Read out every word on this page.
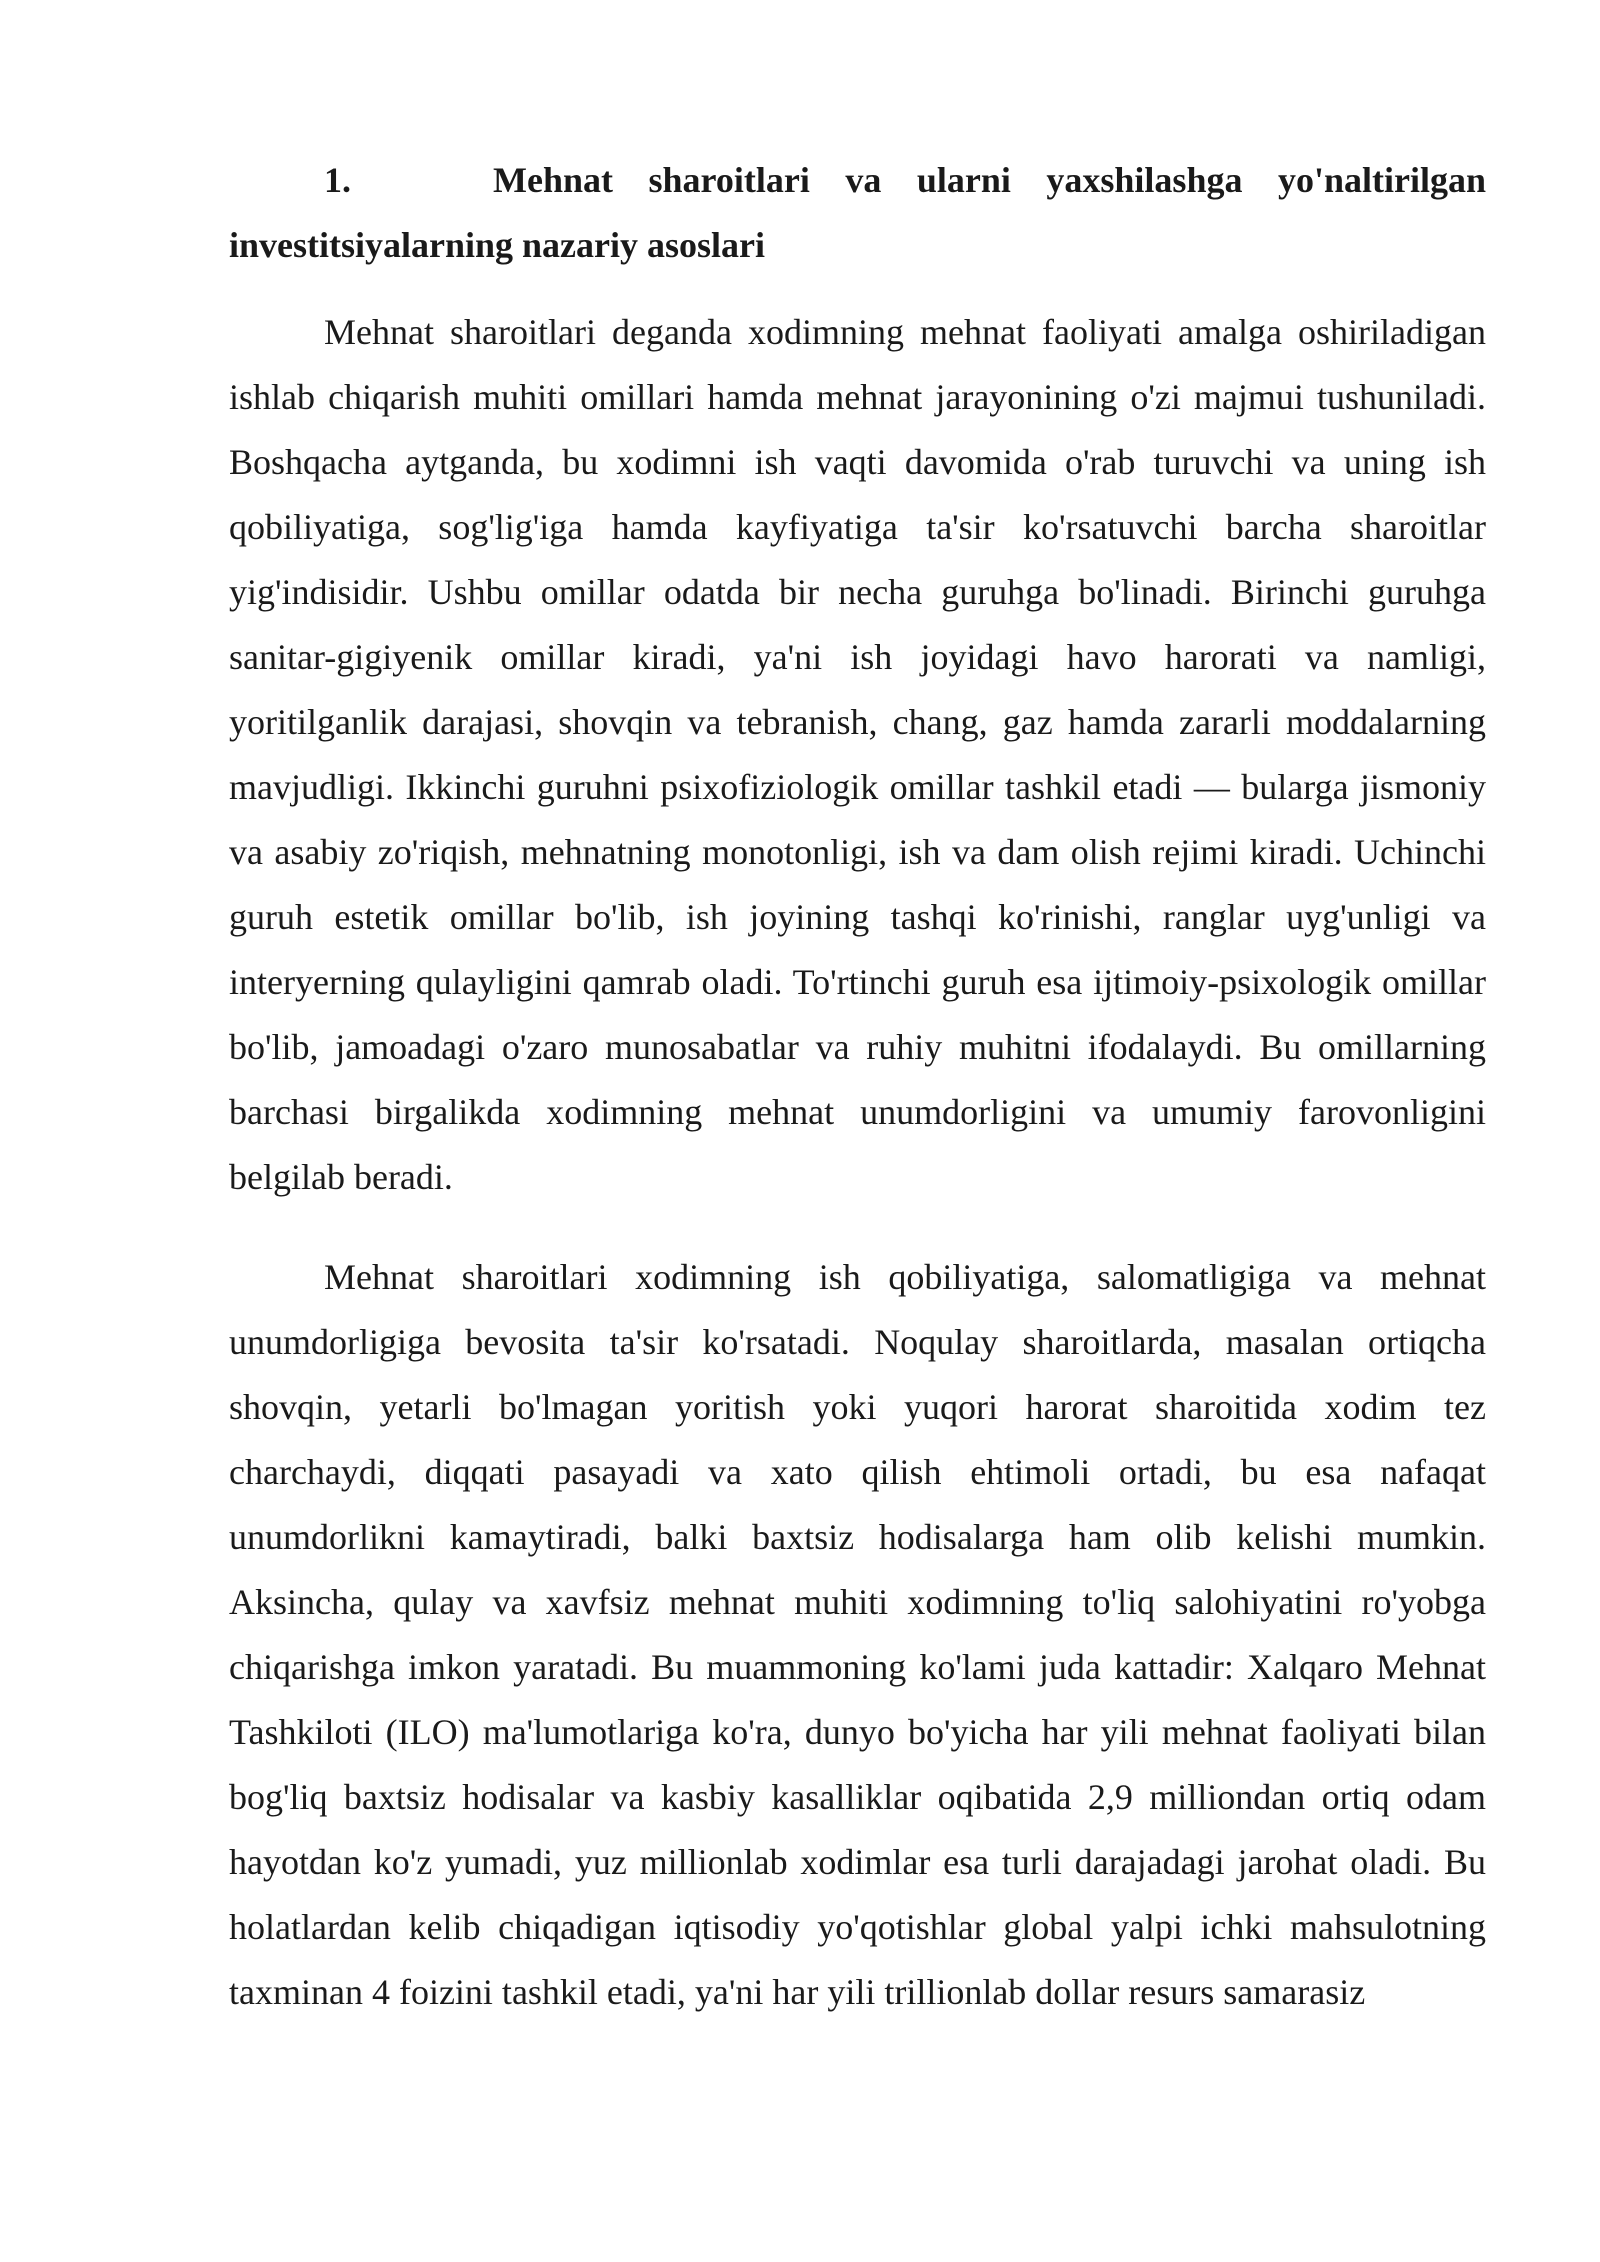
1.    Mehnat sharoitlari va ularni yaxshilashga yo'naltirilgan investitsiyalarning nazariy asoslari

Mehnat sharoitlari deganda xodimning mehnat faoliyati amalga oshiriladigan ishlab chiqarish muhiti omillari hamda mehnat jarayonining o'zi majmui tushuniladi. Boshqacha aytganda, bu xodimni ish vaqti davomida o'rab turuvchi va uning ish qobiliyatiga, sog'lig'iga hamda kayfiyatiga ta'sir ko'rsatuvchi barcha sharoitlar yig'indisidir. Ushbu omillar odatda bir necha guruhga bo'linadi. Birinchi guruhga sanitar-gigiyenik omillar kiradi, ya'ni ish joyidagi havo harorati va namligi, yoritilganlik darajasi, shovqin va tebranish, chang, gaz hamda zararli moddalarning mavjudligi. Ikkinchi guruhni psixofiziologik omillar tashkil etadi — bularga jismoniy va asabiy zo'riqish, mehnatning monotonligi, ish va dam olish rejimi kiradi. Uchinchi guruh estetik omillar bo'lib, ish joyining tashqi ko'rinishi, ranglar uyg'unligi va interyerning qulayligini qamrab oladi. To'rtinchi guruh esa ijtimoiy-psixologik omillar bo'lib, jamoadagi o'zaro munosabatlar va ruhiy muhitni ifodalaydi. Bu omillarning barchasi birgalikda xodimning mehnat unumdorligini va umumiy farovonligini belgilab beradi.

Mehnat sharoitlari xodimning ish qobiliyatiga, salomatligiga va mehnat unumdorligiga bevosita ta'sir ko'rsatadi. Noqulay sharoitlarda, masalan ortiqcha shovqin, yetarli bo'lmagan yoritish yoki yuqori harorat sharoitida xodim tez charchaydi, diqqati pasayadi va xato qilish ehtimoli ortadi, bu esa nafaqat unumdorlikni kamaytiradi, balki baxtsiz hodisalarga ham olib kelishi mumkin. Aksincha, qulay va xavfsiz mehnat muhiti xodimning to'liq salohiyatini ro'yobga chiqarishga imkon yaratadi. Bu muammoning ko'lami juda kattadir: Xalqaro Mehnat Tashkiloti (ILO) ma'lumotlariga ko'ra, dunyo bo'yicha har yili mehnat faoliyati bilan bog'liq baxtsiz hodisalar va kasbiy kasalliklar oqibatida 2,9 milliondan ortiq odam hayotdan ko'z yumadi, yuz millionlab xodimlar esa turli darajadagi jarohat oladi. Bu holatlardan kelib chiqadigan iqtisodiy yo'qotishlar global yalpi ichki mahsulotning taxminan 4 foizini tashkil etadi, ya'ni har yili trillionlab dollar resurs samarasiz
